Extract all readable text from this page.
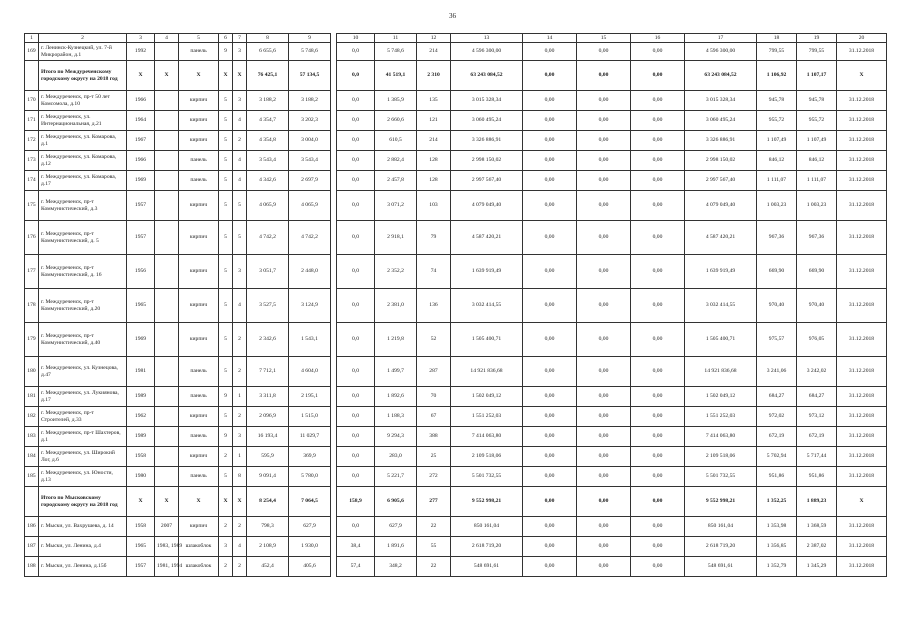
36
1	2	3	4	5	6	7	8	9		10	11	12	13	14	15	16	17	18	19	20
169	г. Ленинск-Кузнецкий, ул. 7-й Микрорайон, д.1	1992		панель	9	3	6 655,6	5 748,6		0,0	5 748,6	214	4 596 300,00	0,00	0,00	0,00	4 596 300,00	799,55	799,55	31.12.2018
	Итого по Междуреченскому городскому округу на 2018 год	X	X	X	X	X	76 425,1	57 134,5		0,0	41 519,1	2 310	63 243 084,52	0,00	0,00	0,00	63 243 084,52	1 106,92	1 107,17	X
170	г. Междуреченск, пр-т 50 лет Комсомола, д.10	1966		кирпич	5	3	3 188,2	3 188,2		0,0	1 385,9	135	3 015 328,34	0,00	0,00	0,00	3 015 328,34	945,78	945,78	31.12.2018
171	г. Междуреченск, ул. Интернациональная, д.21	1964		кирпич	5	4	4 354,7	3 202,3		0,0	2 660,6	121	3 060 495,24	0,00	0,00	0,00	3 060 495,24	955,72	955,72	31.12.2018
172	г. Междуреченск, ул. Комарова, д.1	1967		кирпич	5	2	4 354,8	3 004,0		0,0	610,5	214	3 326 886,91	0,00	0,00	0,00	3 326 886,91	1 107,49	1 107,49	31.12.2018
173	г. Междуреченск, ул. Комарова, д.12	1966		панель	5	4	3 543,4	3 543,4		0,0	2 882,4	128	2 998 150,02	0,00	0,00	0,00	2 998 150,02	846,12	846,12	31.12.2018
174	г. Междуреченск, ул. Комарова, д.17	1969		панель	5	4	4 342,6	2 697,9		0,0	2 457,8	128	2 997 567,40	0,00	0,00	0,00	2 997 567,40	1 111,07	1 111,07	31.12.2018
175	г. Междуреченск, пр-т Коммунистический, д.3	1957		кирпич	5	5	4 065,9	4 065,9		0,0	3 071,2	103	4 079 049,40	0,00	0,00	0,00	4 079 049,40	1 003,23	1 003,23	31.12.2018
176	г. Междуреченск, пр-т Коммунистический, д. 5	1957		кирпич	5	5	4 742,2	4 742,2		0,0	2 918,1	79	4 587 420,21	0,00	0,00	0,00	4 587 420,21	967,36	967,36	31.12.2018
177	г. Междуреченск, пр-т Коммунистический, д. 16	1956		кирпич	5	3	3 051,7	2 448,0		0,0	2 352,2	74	1 639 919,49	0,00	0,00	0,00	1 639 919,49	669,90	669,90	31.12.2018
178	г. Междуреченск, пр-т Коммунистический, д.20	1965		кирпич	5	4	3 527,5	3 124,9		0,0	2 381,0	136	3 032 414,55	0,00	0,00	0,00	3 032 414,55	970,40	970,40	31.12.2018
179	г. Междуреченск, пр-т Коммунистический, д.40	1969		кирпич	5	2	2 342,6	1 543,1		0,0	1 219,8	52	1 505 400,71	0,00	0,00	0,00	1 505 400,71	975,57	976,05	31.12.2018
180	г. Междуреченск, ул. Кузнецова, д.47	1981		панель	5	2	7 712,1	4 604,0		0,0	1 499,7	287	14 921 836,68	0,00	0,00	0,00	14 921 836,68	3 241,06	3 242,02	31.12.2018
181	г. Междуреченск, ул. Лукиянова, д.17	1989		панель	9	1	3 311,8	2 195,1		0,0	1 892,6	70	1 502 049,12	0,00	0,00	0,00	1 502 049,12	684,27	684,27	31.12.2018
182	г. Междуреченск, пр-т Строителей, д.33	1962		кирпич	5	2	2 096,9	1 515,0		0,0	1 188,3	67	1 551 252,03	0,00	0,00	0,00	1 551 252,03	972,02	973,12	31.12.2018
183	г. Междуреченск, пр-т Шахтеров, д.1	1989		панель	9	3	16 193,4	11 029,7		0,0	9 294,3	388	7 414 063,80	0,00	0,00	0,00	7 414 063,80	672,19	672,19	31.12.2018
184	г. Междуреченск, ул. Широкий Лог, д.6	1958		кирпич	2	1	595,9	369,9		0,0	283,0	25	2 109 518,06	0,00	0,00	0,00	2 109 518,06	5 702,94	5 717,44	31.12.2018
185	г. Междуреченск, ул. Юности, д.13	1980		панель	5	8	9 091,4	5 780,0		0,0	5 221,7	272	5 501 732,55	0,00	0,00	0,00	5 501 732,55	951,86	951,86	31.12.2018
	Итого по Мысковскому городскому округу на 2018 год	X	X	X	X	X	8 254,4	7 064,5		158,9	6 905,6	277	9 552 998,21	0,00	0,00	0,00	9 552 998,21	1 352,25	1 889,23	X
186	г. Мыски, ул. Вахрушева, д. 14	1958	2007	кирпич	2	2	798,3	627,9		0,0	627,9	22	850 161,04	0,00	0,00	0,00	850 161,04	1 353,98	1 368,59	31.12.2018
187	г. Мыски, ул. Ленина, д.4	1965	1983, 1989	шлакоблок	3	4	2 108,9	1 930,0		38,4	1 891,6	55	2 618 719,20	0,00	0,00	0,00	2 618 719,20	1 356,85	2 387,02	31.12.2018
188	г. Мыски, ул. Ленина, д.15б	1957	1981, 1994	шлакоблок	2	2	452,4	405,6		57,4	348,2	22	548 691,61	0,00	0,00	0,00	548 691,61	1 352,79	1 345,29	31.12.2018
